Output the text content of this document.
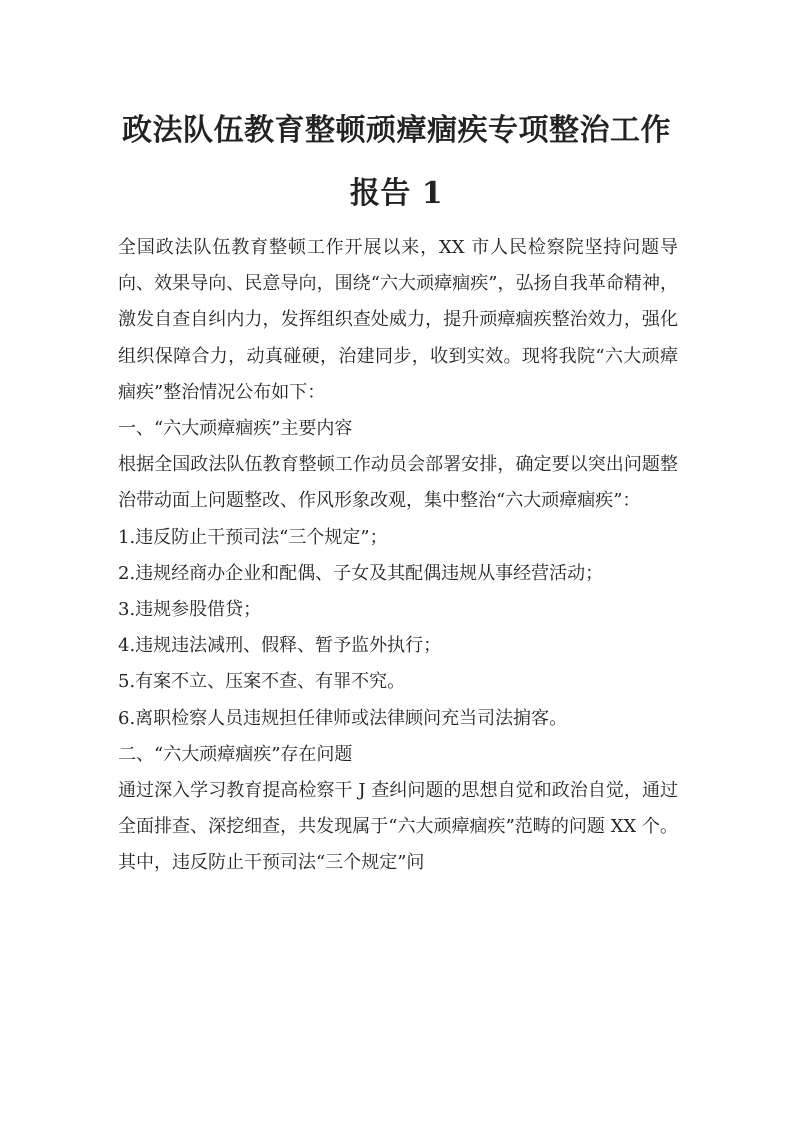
政法队伍教育整顿顽瘴痼疾专项整治工作
报告 1

全国政法队伍教育整顿工作开展以来，XX 市人民检察院坚持问题导向、效果导向、民意导向，围绕“六大顽瘴痼疾”，弘扬自我革命精神，激发自查自纠内力，发挥组织查处威力，提升顽瘴痼疾整治效力，强化组织保障合力，动真碰硬，治建同步，收到实效。现将我院“六大顽瘴痼疾”整治情况公布如下：

一、“六大顽瘴痼疾”主要内容

根据全国政法队伍教育整顿工作动员会部署安排，确定要以突出问题整治带动面上问题整改、作风形象改观，集中整治“六大顽瘴痼疾”：

1.违反防止干预司法“三个规定”；

2.违规经商办企业和配偶、子女及其配偶违规从事经营活动；

3.违规参股借贷；

4.违规违法减刑、假释、暂予监外执行；

5.有案不立、压案不查、有罪不究。

6.离职检察人员违规担任律师或法律顾问充当司法掮客。

二、“六大顽瘴痼疾”存在问题

通过深入学习教育提高检察干 J 查纠问题的思想自觉和政治自觉，通过全面排查、深挖细查，共发现属于“六大顽瘴痼疾”范畴的问题 XX 个。其中，违反防止干预司法“三个规定”问
